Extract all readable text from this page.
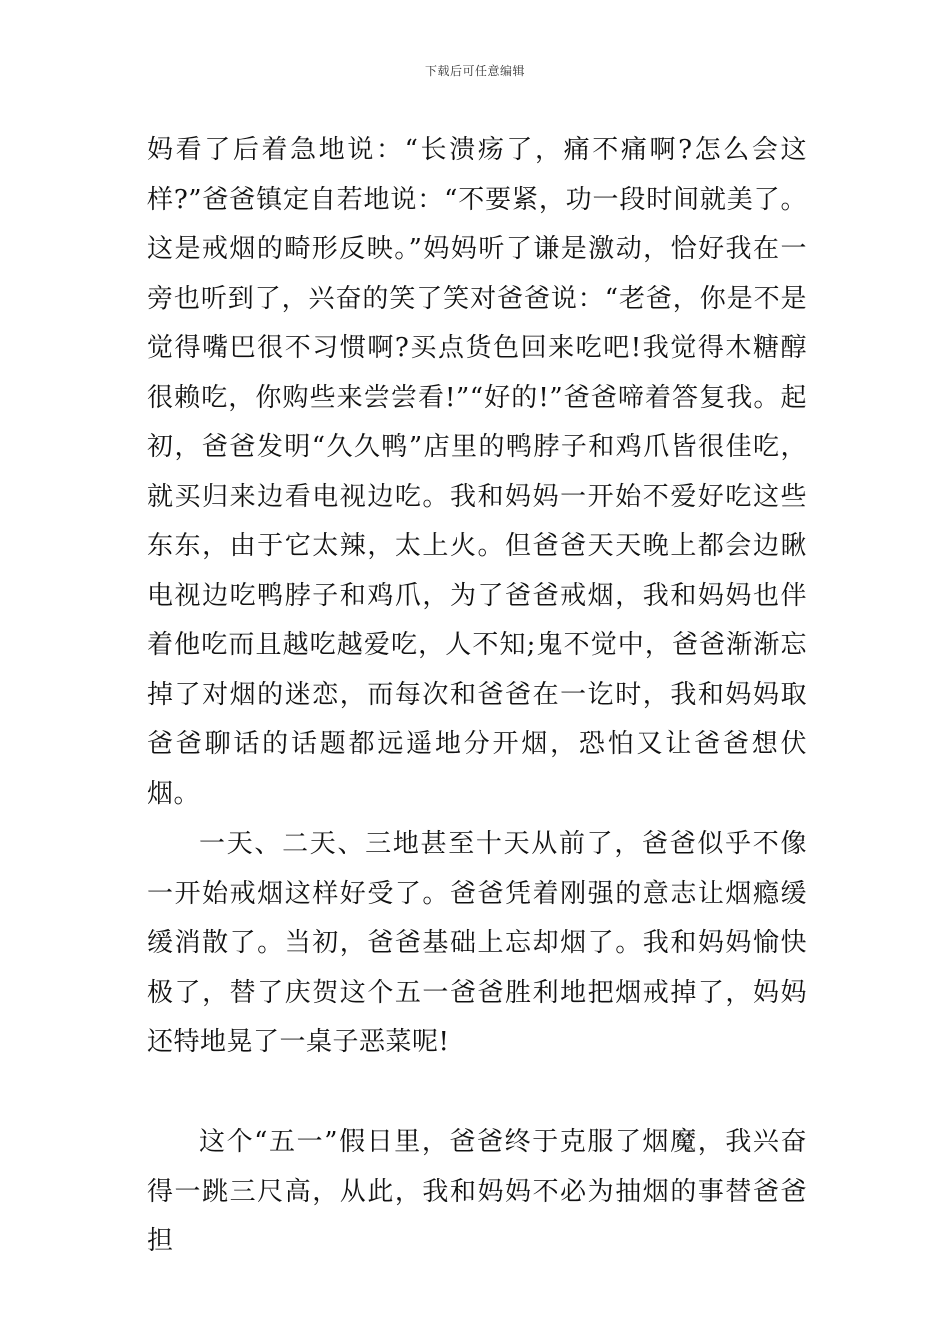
下载后可任意编辑

妈看了后着急地说：“长溃疡了，痛不痛啊?怎么会这样?”爸爸镇定自若地说：“不要紧，功一段时间就美了。这是戒烟的畸形反映。”妈妈听了谦是激动，恰好我在一旁也听到了，兴奋的笑了笑对爸爸说：“老爸，你是不是觉得嘴巴很不习惯啊?买点货色回来吃吧!我觉得木糖醇很赖吃，你购些来尝尝看!”“好的!”爸爸啼着答复我。起初，爸爸发明“久久鸭”店里的鸭脖子和鸡爪皆很佳吃，就买归来边看电视边吃。我和妈妈一开始不爱好吃这些东东，由于它太辣，太上火。但爸爸天天晚上都会边瞅电视边吃鸭脖子和鸡爪，为了爸爸戒烟，我和妈妈也伴着他吃而且越吃越爱吃，人不知;鬼不觉中，爸爸渐渐忘掉了对烟的迷恋，而每次和爸爸在一讫时，我和妈妈取爸爸聊话的话题都远遥地分开烟，恐怕又让爸爸想伏烟。

一天、二天、三地甚至十天从前了，爸爸似乎不像一开始戒烟这样好受了。爸爸凭着刚强的意志让烟瘾缓缓消散了。当初，爸爸基础上忘却烟了。我和妈妈愉快极了，替了庆贺这个五一爸爸胜利地把烟戒掉了，妈妈还特地晃了一桌子恶菜呢!

这个“五一”假日里，爸爸终于克服了烟魔，我兴奋得一跳三尺高，从此，我和妈妈不必为抽烟的事替爸爸担
